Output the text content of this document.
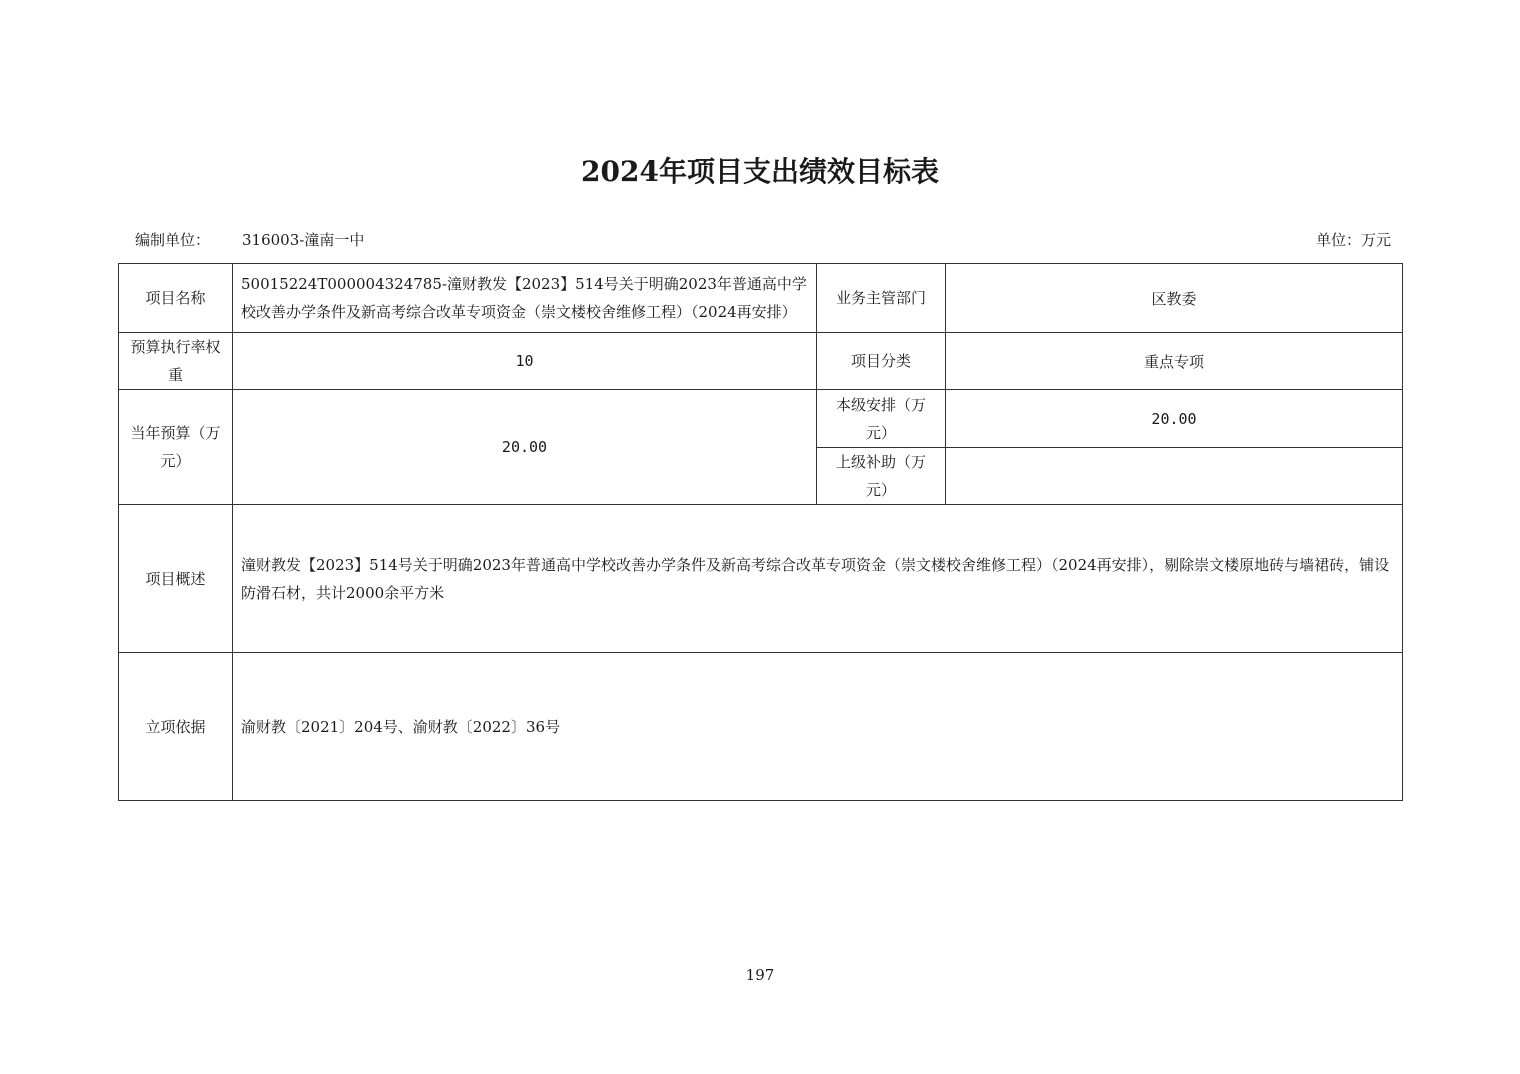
2024年项目支出绩效目标表
编制单位： 316003-潼南一中	单位：万元
项目名称	50015224T000004324785-潼财教发【2023】514号关于明确2023年普通高中学校改善办学条件及新高考综合改革专项资金（崇文楼校舍维修工程）（2024再安排）	业务主管部门	区教委
预算执行率权重	10	项目分类	重点专项
当年预算（万元）	20.00	本级安排（万元）	20.00
		上级补助（万元）	
项目概述	潼财教发【2023】514号关于明确2023年普通高中学校改善办学条件及新高考综合改革专项资金（崇文楼校舍维修工程）（2024再安排），剔除崇文楼原地砖与墙裙砖，铺设防滑石材，共计2000余平方米		
立项依据	渝财教〔2021〕204号、渝财教〔2022〕36号		
197
